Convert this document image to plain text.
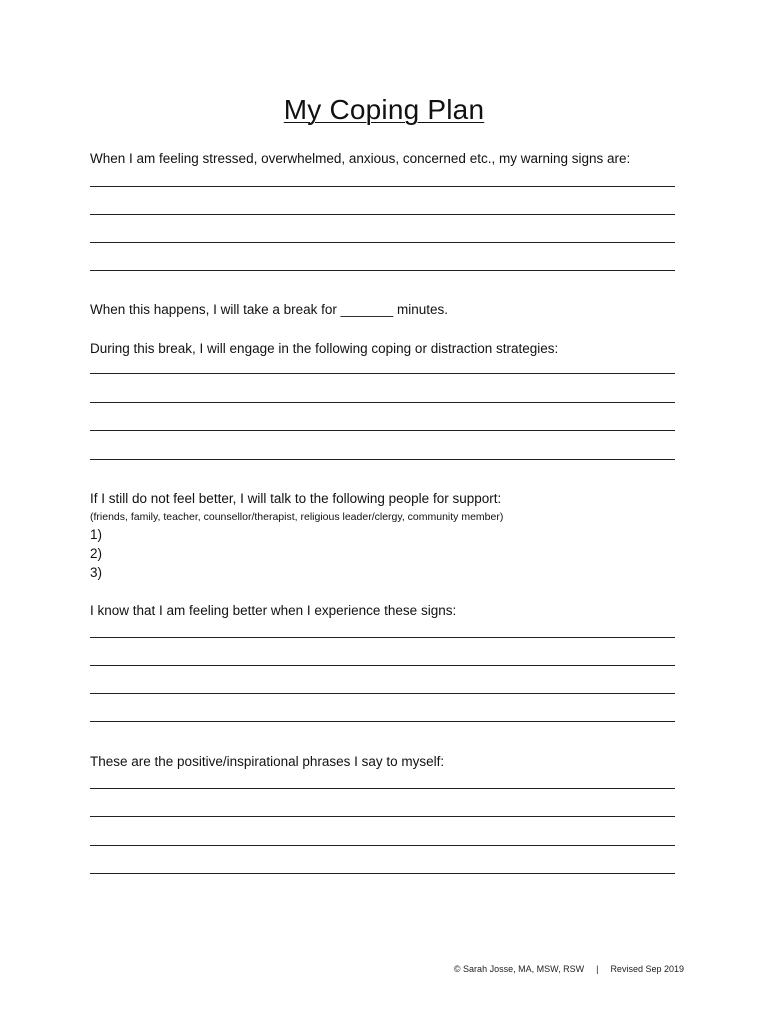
My Coping Plan
When I am feeling stressed, overwhelmed, anxious, concerned etc., my warning signs are:
When this happens, I will take a break for _______ minutes.
During this break, I will engage in the following coping or distraction strategies:
If I still do not feel better, I will talk to the following people for support:
(friends, family, teacher, counsellor/therapist, religious leader/clergy, community member)
1)
2)
3)
I know that I am feeling better when I experience these signs:
These are the positive/inspirational phrases I say to myself:
© Sarah Josse, MA, MSW, RSW | Revised Sep 2019
